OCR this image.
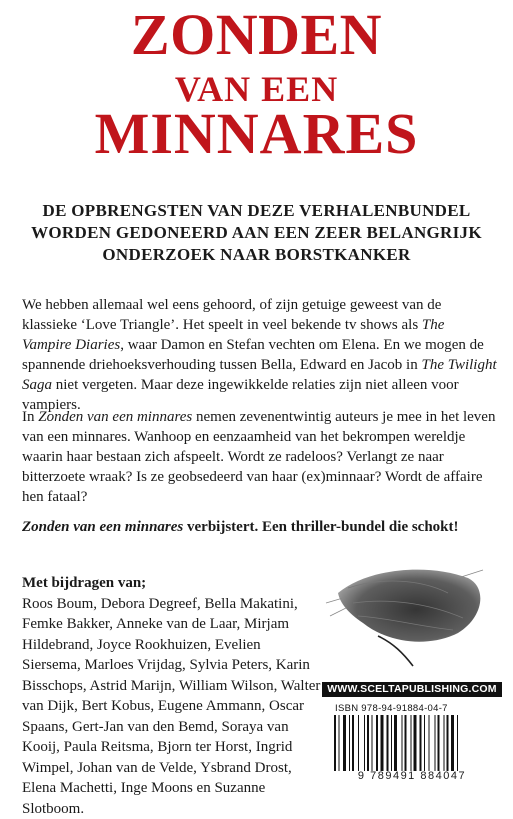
ZONDEN
VAN EEN
MINNARES
DE OPBRENGSTEN VAN DEZE VERHALENBUNDEL
WORDEN GEDONEERD AAN EEN ZEER BELANGRIJK
ONDERZOEK NAAR BORSTKANKER
We hebben allemaal wel eens gehoord, of zijn getuige geweest van de klassieke ‘Love Triangle’. Het speelt in veel bekende tv shows als The Vampire Diaries, waar Damon en Stefan vechten om Elena. En we mogen de spannende driehoeksverhouding tussen Bella, Edward en Jacob in The Twilight Saga niet vergeten. Maar deze ingewikkelde relaties zijn niet alleen voor vampiers.
In Zonden van een minnares nemen zevenentwintig auteurs je mee in het leven van een minnares. Wanhoop en eenzaamheid van het bekrompen wereldje waarin haar bestaan zich afspeelt. Wordt ze radeloos? Verlangt ze naar bitterzoete wraak? Is ze geobsedeerd van haar (ex)minnaar? Wordt de affaire hen fataal?
Zonden van een minnares verbijstert. Een thriller-bundel die schokt!
Met bijdragen van;
Roos Boum, Debora Degreef, Bella Makatini, Femke Bakker, Anneke van de Laar, Mirjam Hildebrand, Joyce Rookhuizen, Evelien Siersema, Marloes Vrijdag, Sylvia Peters, Karin Bisschops, Astrid Marijn, William Wilson, Walter van Dijk, Bert Kobus, Eugene Ammann, Oscar Spaans, Gert-Jan van den Bemd, Soraya van Kooij, Paula Reitsma, Bjorn ter Horst, Ingrid Wimpel, Johan van de Velde, Ysbrand Drost, Elena Machetti, Inge Moons en Suzanne Slotboom.
WWW.SCELTAPUBLISHING.COM
ISBN 978-94-91884-04-7
9 789491 884047
